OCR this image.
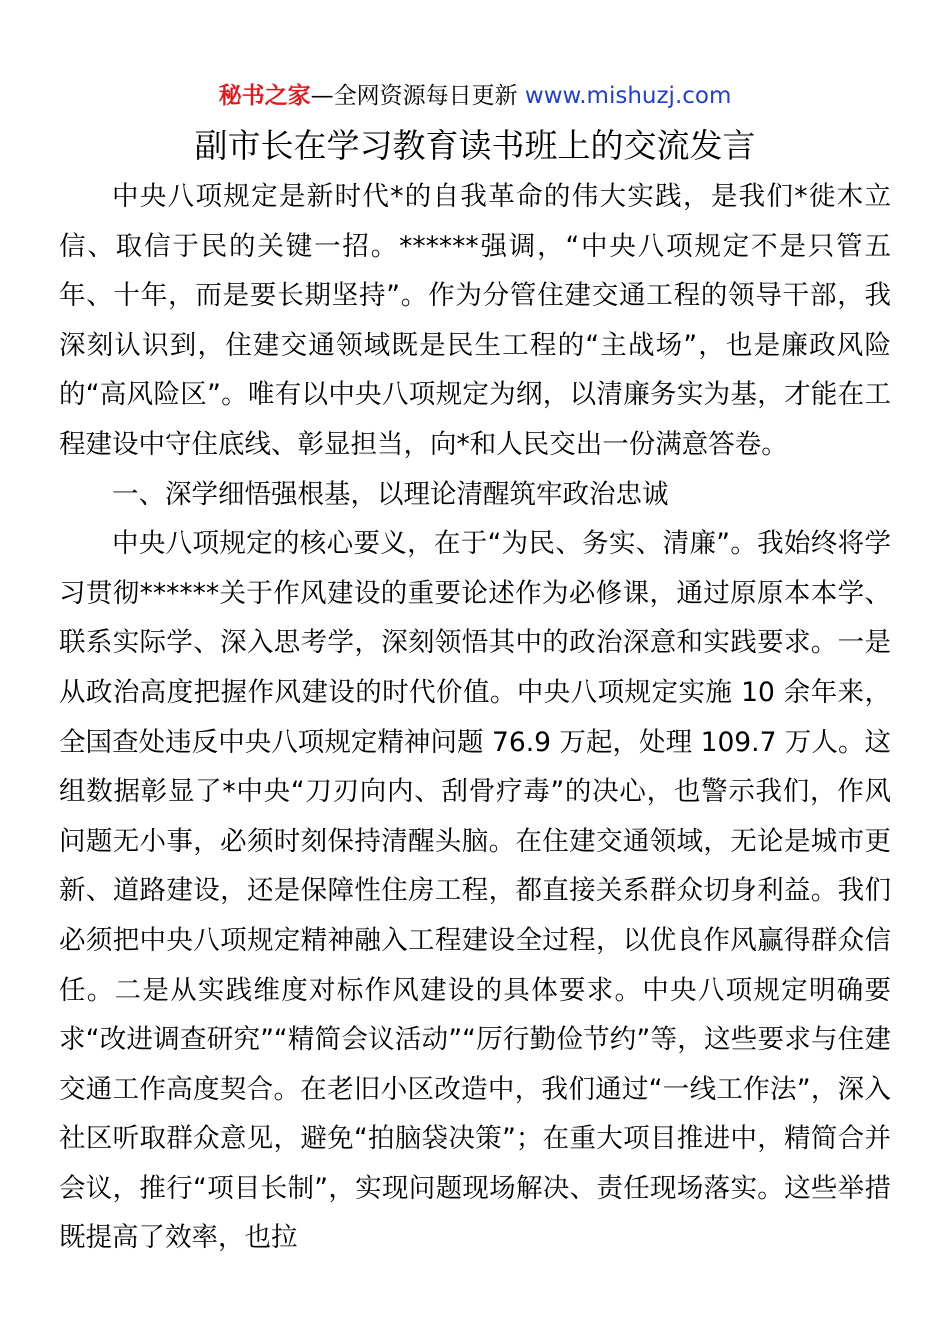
秘书之家—全网资源每日更新 www.mishuzj.com
副市长在学习教育读书班上的交流发言

中央八项规定是新时代*的自我革命的伟大实践，是我们*徙木立信、取信于民的关键一招。******强调，“中央八项规定不是只管五年、十年，而是要长期坚持”。作为分管住建交通工程的领导干部，我深刻认识到，住建交通领域既是民生工程的“主战场”，也是廉政风险的“高风险区”。唯有以中央八项规定为纲，以清廉务实为基，才能在工程建设中守住底线、彰显担当，向*和人民交出一份满意答卷。

一、深学细悟强根基，以理论清醒筑牢政治忠诚

中央八项规定的核心要义，在于“为民、务实、清廉”。我始终将学习贯彻******关于作风建设的重要论述作为必修课，通过原原本本学、联系实际学、深入思考学，深刻领悟其中的政治深意和实践要求。一是从政治高度把握作风建设的时代价值。中央八项规定实施 10 余年来，全国查处违反中央八项规定精神问题 76.9 万起，处理 109.7 万人。这组数据彰显了*中央“刀刃向内、刮骨疗毒”的决心，也警示我们，作风问题无小事，必须时刻保持清醒头脑。在住建交通领域，无论是城市更新、道路建设，还是保障性住房工程，都直接关系群众切身利益。我们必须把中央八项规定精神融入工程建设全过程，以优良作风赢得群众信任。二是从实践维度对标作风建设的具体要求。中央八项规定明确要求“改进调查研究”“精简会议活动”“厉行勤俭节约”等，这些要求与住建交通工作高度契合。在老旧小区改造中，我们通过“一线工作法”，深入社区听取群众意见，避免“拍脑袋决策”；在重大项目推进中，精简合并会议，推行“项目长制”，实现问题现场解决、责任现场落实。这些举措既提高了效率，也拉
